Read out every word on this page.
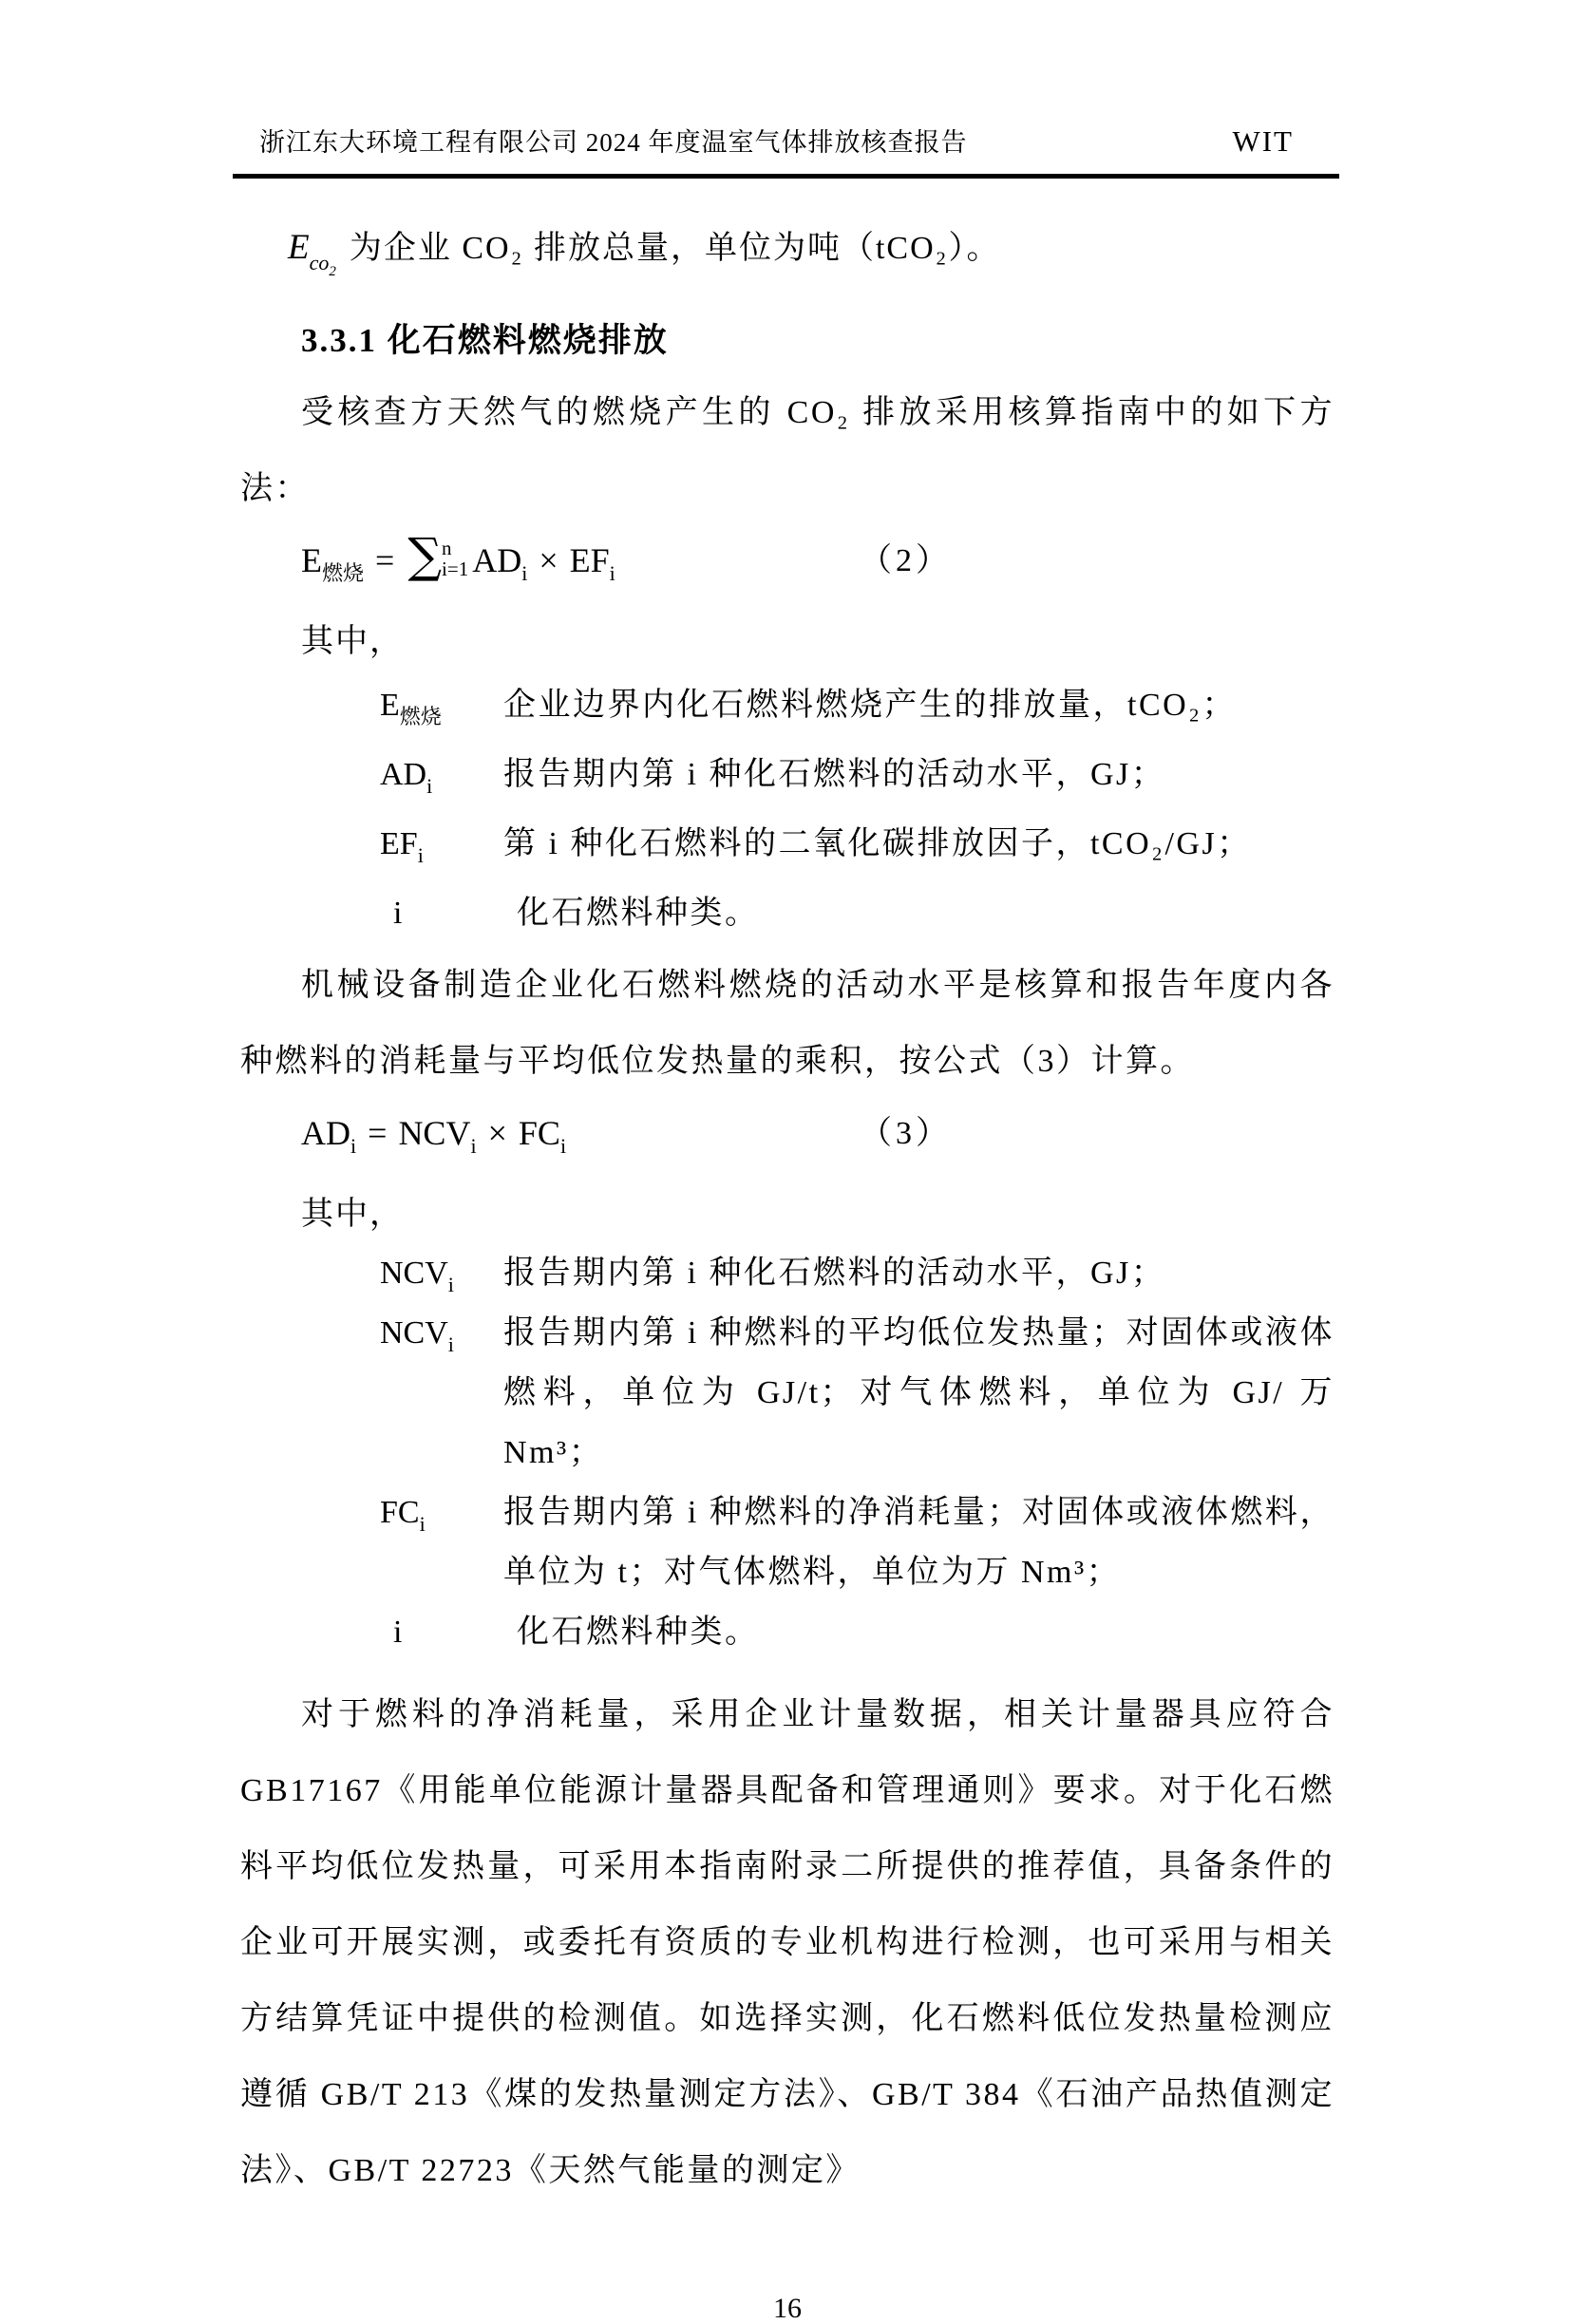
浙江东大环境工程有限公司 2024 年度温室气体排放核查报告	WIT

$E_{co_2}$为企业 CO₂ 排放总量，单位为吨（tCO₂）。

3.3.1 化石燃料燃烧排放

受核查方天然气的燃烧产生的 CO₂ 排放采用核算指南中的如下方法：

$E_{燃烧}$ = ∑ n
i=1 $AD_i \times EF_i$	（2）

其中，

$E_{燃烧}$	企业边界内化石燃料燃烧产生的排放量，tCO₂；
$AD_i$	报告期内第 i 种化石燃料的活动水平，GJ；
$EF_i$	第 i 种化石燃料的二氧化碳排放因子，tCO₂/GJ；
i	化石燃料种类。

机械设备制造企业化石燃料燃烧的活动水平是核算和报告年度内各种燃料的消耗量与平均低位发热量的乘积，按公式（3）计算。

$AD_i = NCV_i \times FC_i$	（3）

其中，

$NCV_i$	报告期内第 i 种化石燃料的活动水平，GJ；
$NCV_i$	报告期内第 i 种燃料的平均低位发热量；对固体或液体燃料，单位为 GJ/t；对气体燃料，单位为 GJ/ 万 Nm³；
$FC_i$	报告期内第 i 种燃料的净消耗量；对固体或液体燃料，单位为 t；对气体燃料，单位为万 Nm³；
i	化石燃料种类。

对于燃料的净消耗量，采用企业计量数据，相关计量器具应符合 GB17167《用能单位能源计量器具配备和管理通则》要求。对于化石燃料平均低位发热量，可采用本指南附录二所提供的推荐值，具备条件的企业可开展实测，或委托有资质的专业机构进行检测，也可采用与相关方结算凭证中提供的检测值。如选择实测，化石燃料低位发热量检测应遵循 GB/T 213《煤的发热量测定方法》、GB/T 384《石油产品热值测定法》、GB/T 22723《天然气能量的测定》

16
